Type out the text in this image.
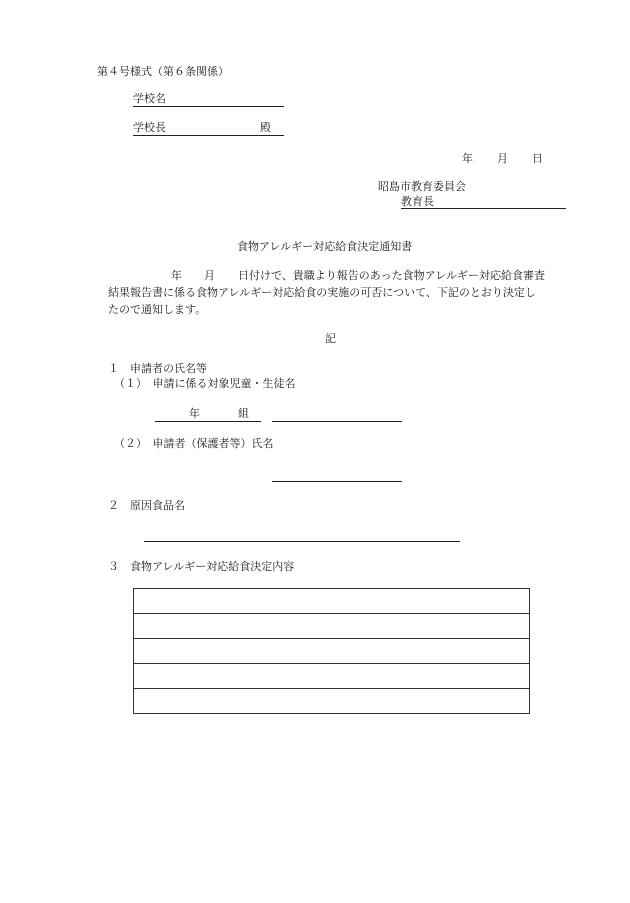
第４号様式（第６条関係）
学校名
学校長	殿
年 月 日
昭島市教育委員会
教育長
食物アレルギー対応給食決定通知書
年 月 日付けで、貴職より報告のあった食物アレルギー対応給食審査
結果報告書に係る食物アレルギー対応給食の実施の可否について、下記のとおり決定し
たので通知します。
記
１　申請者の氏名等
（１）　申請に係る対象児童・生徒名
年	組
（２）　申請者（保護者等）氏名
２　原因食品名
３　食物アレルギー対応給食決定内容
